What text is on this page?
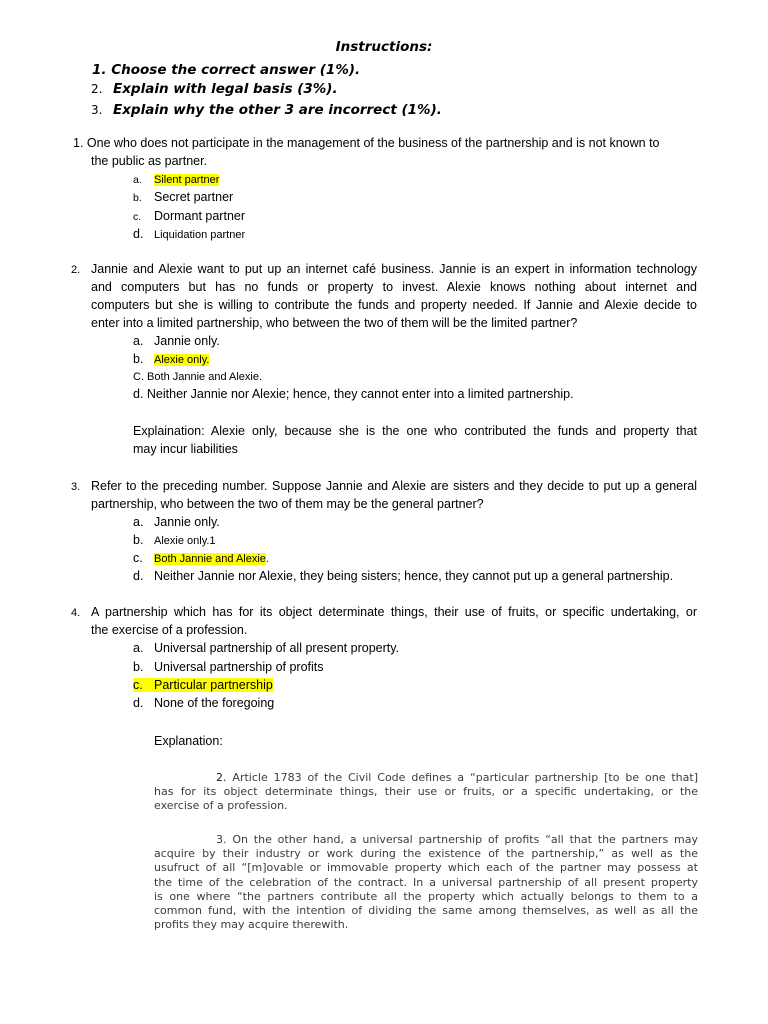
Instructions:
1. Choose the correct answer (1%).
2. Explain with legal basis (3%).
3. Explain why the other 3 are incorrect (1%).
1. One who does not participate in the management of the business of the partnership and is not known to
the public as partner.
a. Silent partner
b. Secret partner
c. Dormant partner
d. Liquidation partner
2. Jannie and Alexie want to put up an internet café business. Jannie is an expert in information technology
and computers but has no funds or property to invest. Alexie knows nothing about internet and
computers but she is willing to contribute the funds and property needed. If Jannie and Alexie decide to
enter into a limited partnership, who between the two of them will be the limited partner?
a. Jannie only.
b. Alexie only.
C. Both Jannie and Alexie.
d. Neither Jannie nor Alexie; hence, they cannot enter into a limited partnership.
Explaination: Alexie only, because she is the one who contributed the funds and property that
may incur liabilities
3. Refer to the preceding number. Suppose Jannie and Alexie are sisters and they decide to put up a general
partnership, who between the two of them may be the general partner?
a. Jannie only.
b. Alexie only.1
c. Both Jannie and Alexie.
d. Neither Jannie nor Alexie, they being sisters; hence, they cannot put up a general partnership.
4. A partnership which has for its object determinate things, their use of fruits, or specific undertaking, or
the exercise of a profession.
a. Universal partnership of all present property.
b. Universal partnership of profits
c. Particular partnership
d. None of the foregoing
Explanation:
2. Article 1783 of the Civil Code defines a “particular partnership [to be one that]
has for its object determinate things, their use or fruits, or a specific undertaking, or the
exercise of a profession.
3. On the other hand, a universal partnership of profits “all that the partners may
acquire by their industry or work during the existence of the partnership,” as well as the
usufruct of all “[m]ovable or immovable property which each of the partner may possess at
the time of the celebration of the contract. In a universal partnership of all present property
is one where “the partners contribute all the property which actually belongs to them to a
common fund, with the intention of dividing the same among themselves, as well as all the
profits they may acquire therewith.
